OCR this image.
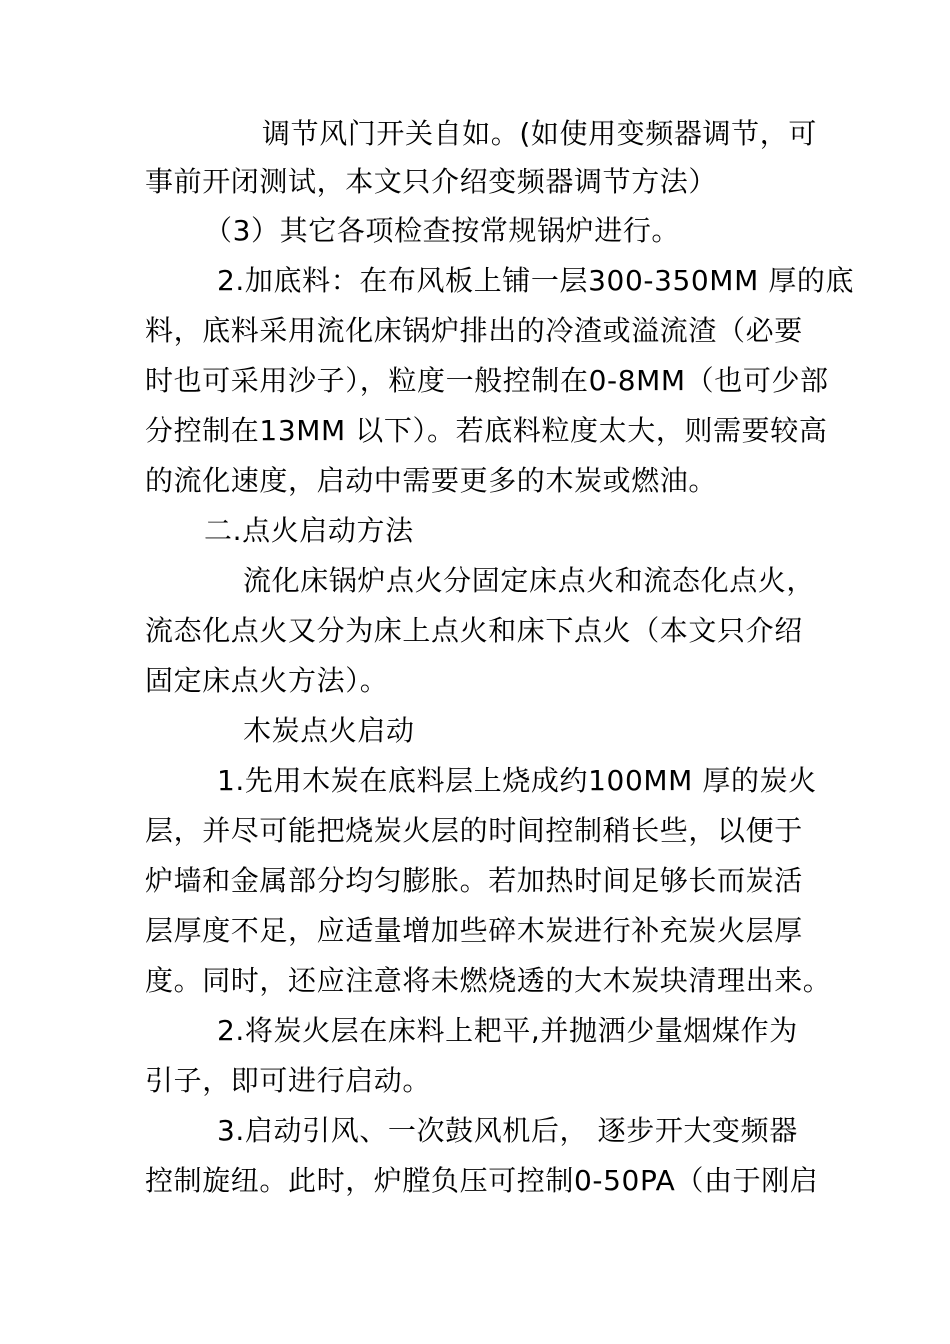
调节风门开关自如。(如使用变频器调节，可
事前开闭测试，本文只介绍变频器调节方法）
（3）其它各项检查按常规锅炉进行。
2.加底料：在布风板上铺一层300-350MM 厚的底
料，底料采用流化床锅炉排出的冷渣或溢流渣（必要
时也可采用沙子），粒度一般控制在0-8MM（也可少部
分控制在13MM 以下）。若底料粒度太大，则需要较高
的流化速度，启动中需要更多的木炭或燃油。
二.点火启动方法
流化床锅炉点火分固定床点火和流态化点火，
流态化点火又分为床上点火和床下点火（本文只介绍
固定床点火方法）。
木炭点火启动
1.先用木炭在底料层上烧成约100MM 厚的炭火
层，并尽可能把烧炭火层的时间控制稍长些，以便于
炉墙和金属部分均匀膨胀。若加热时间足够长而炭活
层厚度不足，应适量增加些碎木炭进行补充炭火层厚
度。同时，还应注意将未燃烧透的大木炭块清理出来。
2.将炭火层在床料上耙平,并抛洒少量烟煤作为
引子，即可进行启动。
3.启动引风、一次鼓风机后， 逐步开大变频器
控制旋纽。此时，炉膛负压可控制0-50PA（由于刚启
